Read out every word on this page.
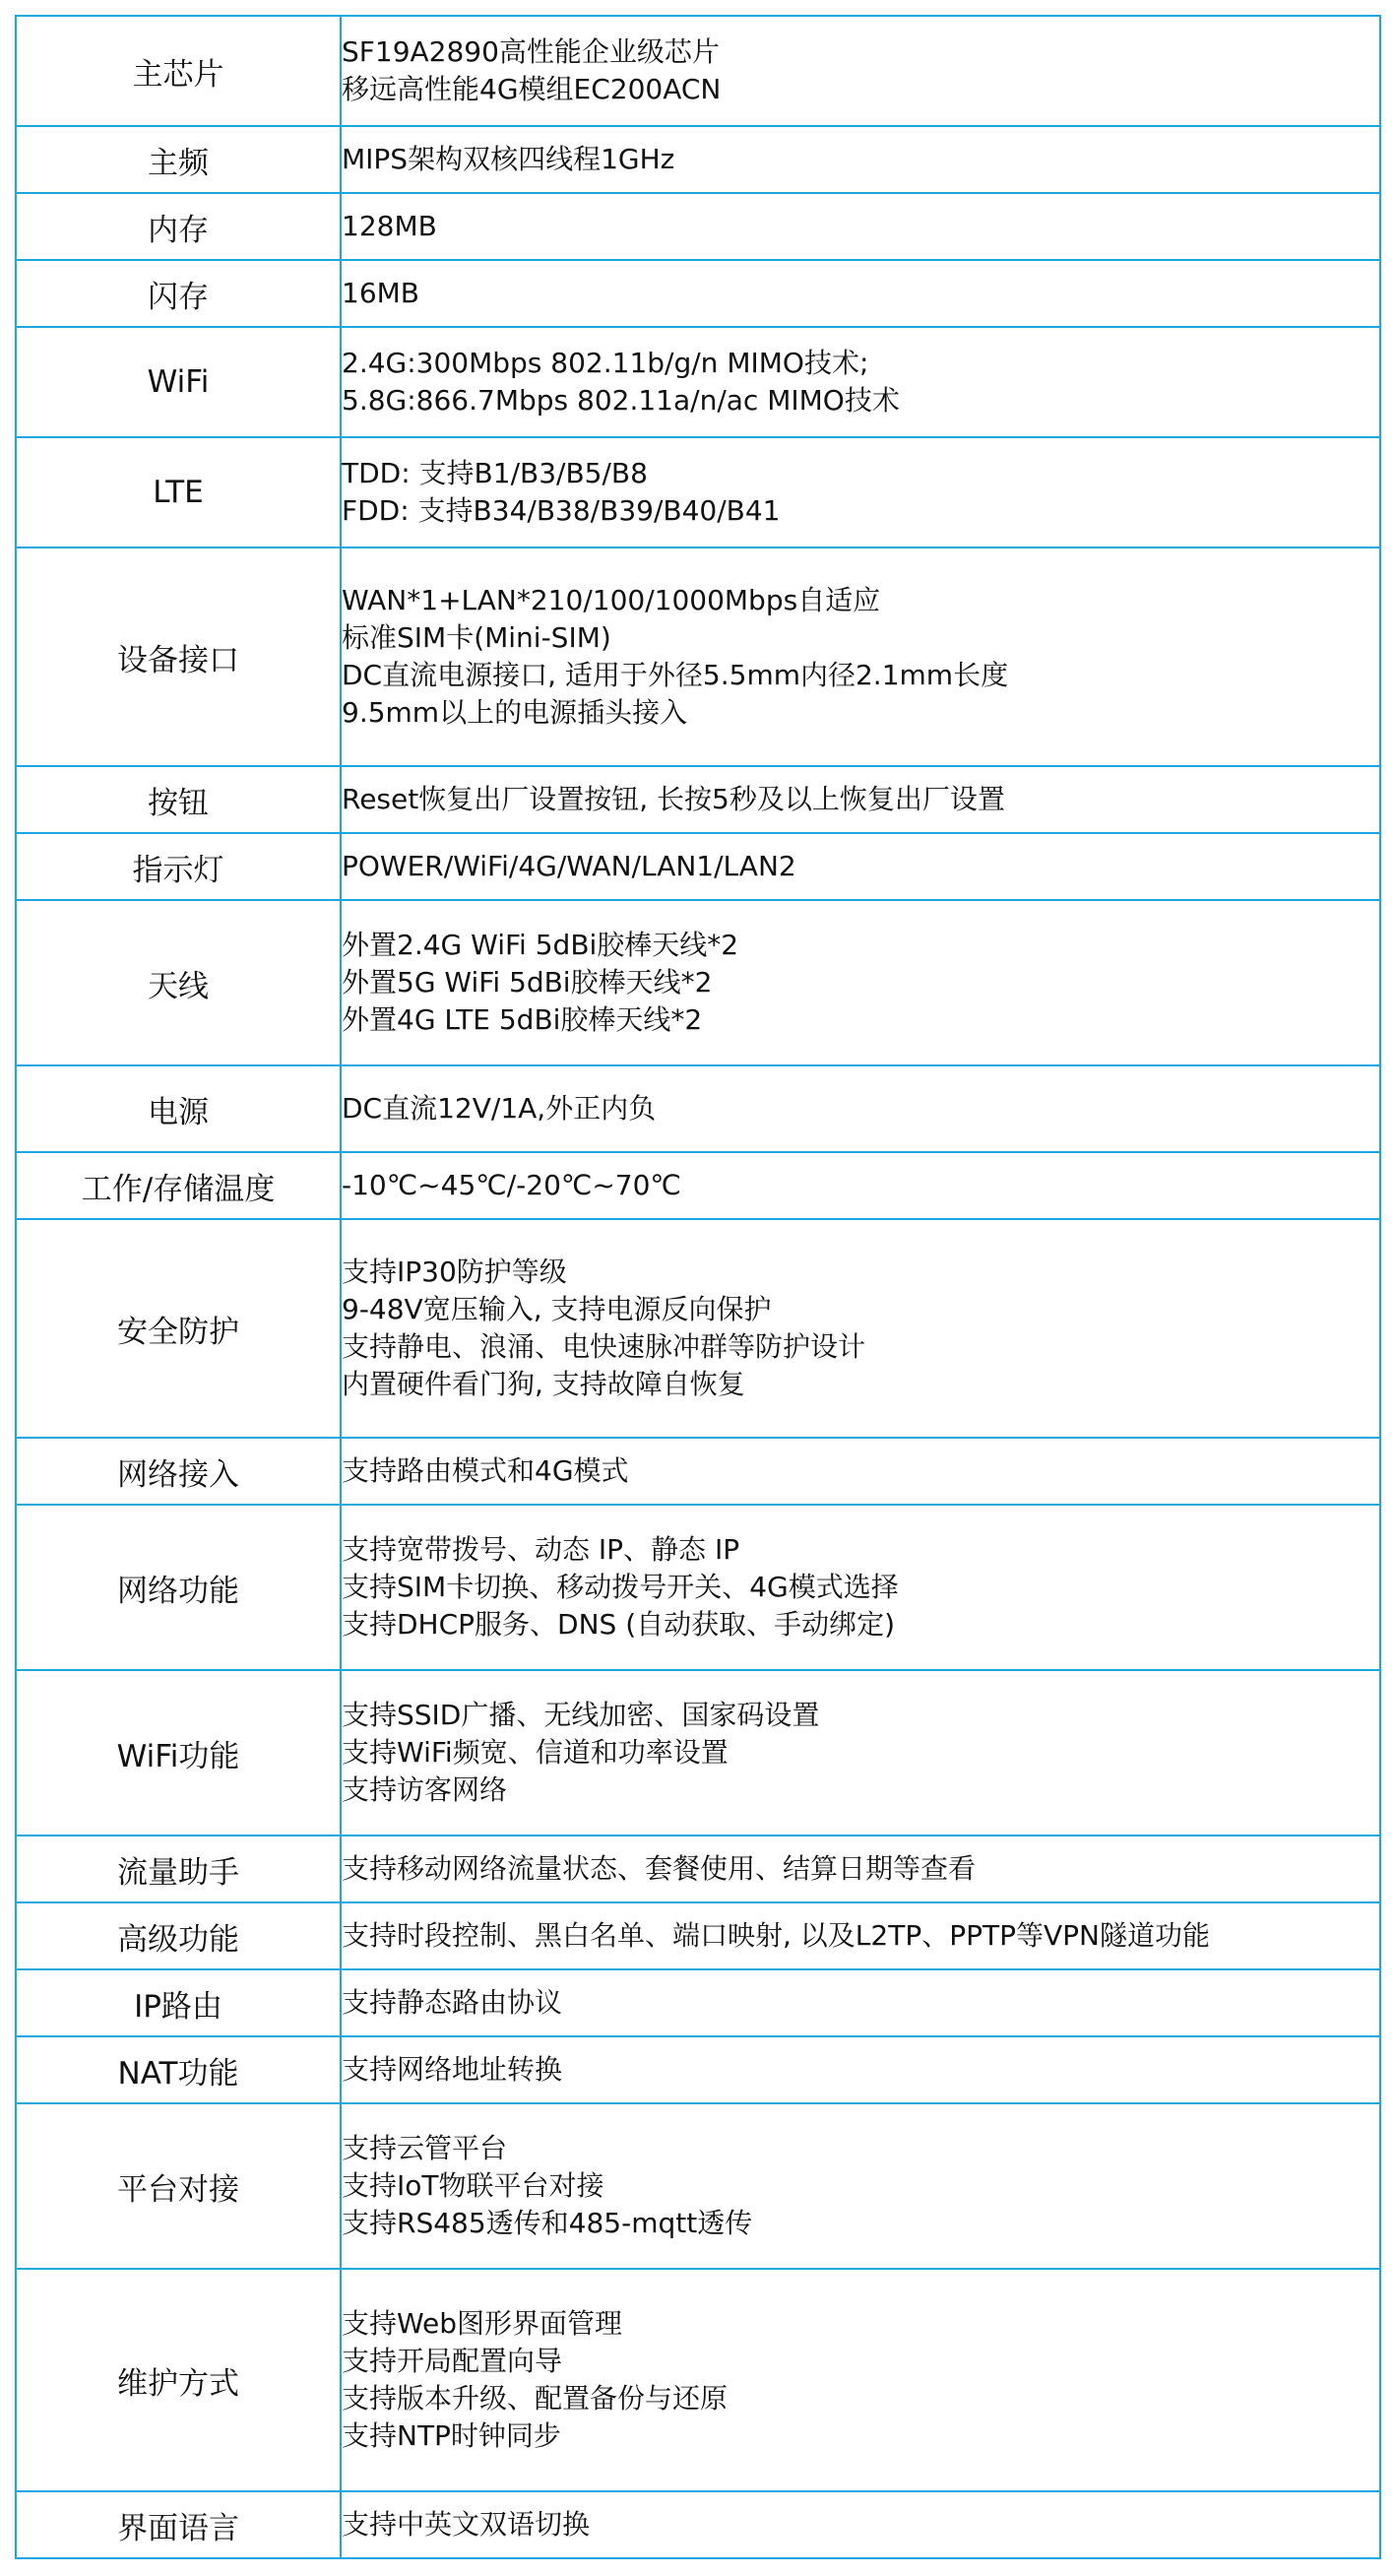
主芯片	SF19A2890高性能企业级芯片
移远高性能4G模组EC200ACN

主频	MIPS架构双核四线程1GHz

内存	128MB

闪存	16MB

WiFi	2.4G:300Mbps 802.11b/g/n MIMO技术;
5.8G:866.7Mbps 802.11a/n/ac MIMO技术

LTE	TDD: 支持B1/B3/B5/B8
FDD: 支持B34/B38/B39/B40/B41

设备接口	WAN*1+LAN*210/100/1000Mbps自适应
标准SIM卡(Mini-SIM)
DC直流电源接口, 适用于外径5.5mm内径2.1mm长度
9.5mm以上的电源插头接入

按钮	Reset恢复出厂设置按钮, 长按5秒及以上恢复出厂设置

指示灯	POWER/WiFi/4G/WAN/LAN1/LAN2

天线	外置2.4G WiFi 5dBi胶棒天线*2
外置5G WiFi 5dBi胶棒天线*2
外置4G LTE 5dBi胶棒天线*2

电源	DC直流12V/1A,外正内负

工作/存储温度	-10℃~45℃/-20℃~70℃

安全防护	支持IP30防护等级
9-48V宽压输入, 支持电源反向保护
支持静电、浪涌、电快速脉冲群等防护设计
内置硬件看门狗, 支持故障自恢复

网络接入	支持路由模式和4G模式

网络功能	支持宽带拨号、动态 IP、静态 IP
支持SIM卡切换、移动拨号开关、4G模式选择
支持DHCP服务、DNS (自动获取、手动绑定)

WiFi功能	支持SSID广播、无线加密、国家码设置
支持WiFi频宽、信道和功率设置
支持访客网络

流量助手	支持移动网络流量状态、套餐使用、结算日期等查看

高级功能	支持时段控制、黑白名单、端口映射, 以及L2TP、PPTP等VPN隧道功能

IP路由	支持静态路由协议

NAT功能	支持网络地址转换

平台对接	支持云管平台
支持IoT物联平台对接
支持RS485透传和485-mqtt透传

维护方式	支持Web图形界面管理
支持开局配置向导
支持版本升级、配置备份与还原
支持NTP时钟同步

界面语言	支持中英文双语切换
